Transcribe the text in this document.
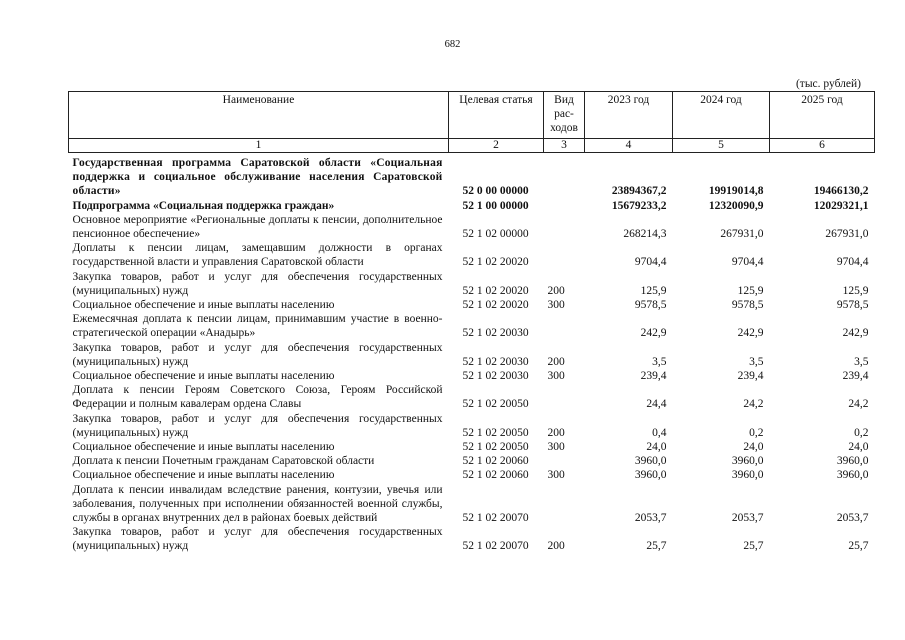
682
(тыс. рублей)
Наименование	Целевая статья	Вид рас-ходов	2023 год	2024 год	2025 год
1	2	3	4	5	6
Государственная программа Саратовской области «Социальная поддержка и социальное обслуживание населения Саратовской области»	52 0 00 00000		23894367,2	19919014,8	19466130,2
Подпрограмма «Социальная поддержка граждан»	52 1 00 00000		15679233,2	12320090,9	12029321,1
Основное мероприятие «Региональные доплаты к пенсии, дополнительное пенсионное обеспечение»	52 1 02 00000		268214,3	267931,0	267931,0
Доплаты к пенсии лицам, замещавшим должности в органах государственной власти и управления Саратовской области	52 1 02 20020		9704,4	9704,4	9704,4
Закупка товаров, работ и услуг для обеспечения государственных (муниципальных) нужд	52 1 02 20020	200	125,9	125,9	125,9
Социальное обеспечение и иные выплаты населению	52 1 02 20020	300	9578,5	9578,5	9578,5
Ежемесячная доплата к пенсии лицам, принимавшим участие в военно-стратегической операции «Анадырь»	52 1 02 20030		242,9	242,9	242,9
Закупка товаров, работ и услуг для обеспечения государственных (муниципальных) нужд	52 1 02 20030	200	3,5	3,5	3,5
Социальное обеспечение и иные выплаты населению	52 1 02 20030	300	239,4	239,4	239,4
Доплата к пенсии Героям Советского Союза, Героям Российской Федерации и полным кавалерам ордена Славы	52 1 02 20050		24,4	24,2	24,2
Закупка товаров, работ и услуг для обеспечения государственных (муниципальных) нужд	52 1 02 20050	200	0,4	0,2	0,2
Социальное обеспечение и иные выплаты населению	52 1 02 20050	300	24,0	24,0	24,0
Доплата к пенсии Почетным гражданам Саратовской области	52 1 02 20060		3960,0	3960,0	3960,0
Социальное обеспечение и иные выплаты населению	52 1 02 20060	300	3960,0	3960,0	3960,0
Доплата к пенсии инвалидам вследствие ранения, контузии, увечья или заболевания, полученных при исполнении обязанностей военной службы, службы в органах внутренних дел в районах боевых действий	52 1 02 20070		2053,7	2053,7	2053,7
Закупка товаров, работ и услуг для обеспечения государственных (муниципальных) нужд	52 1 02 20070	200	25,7	25,7	25,7
